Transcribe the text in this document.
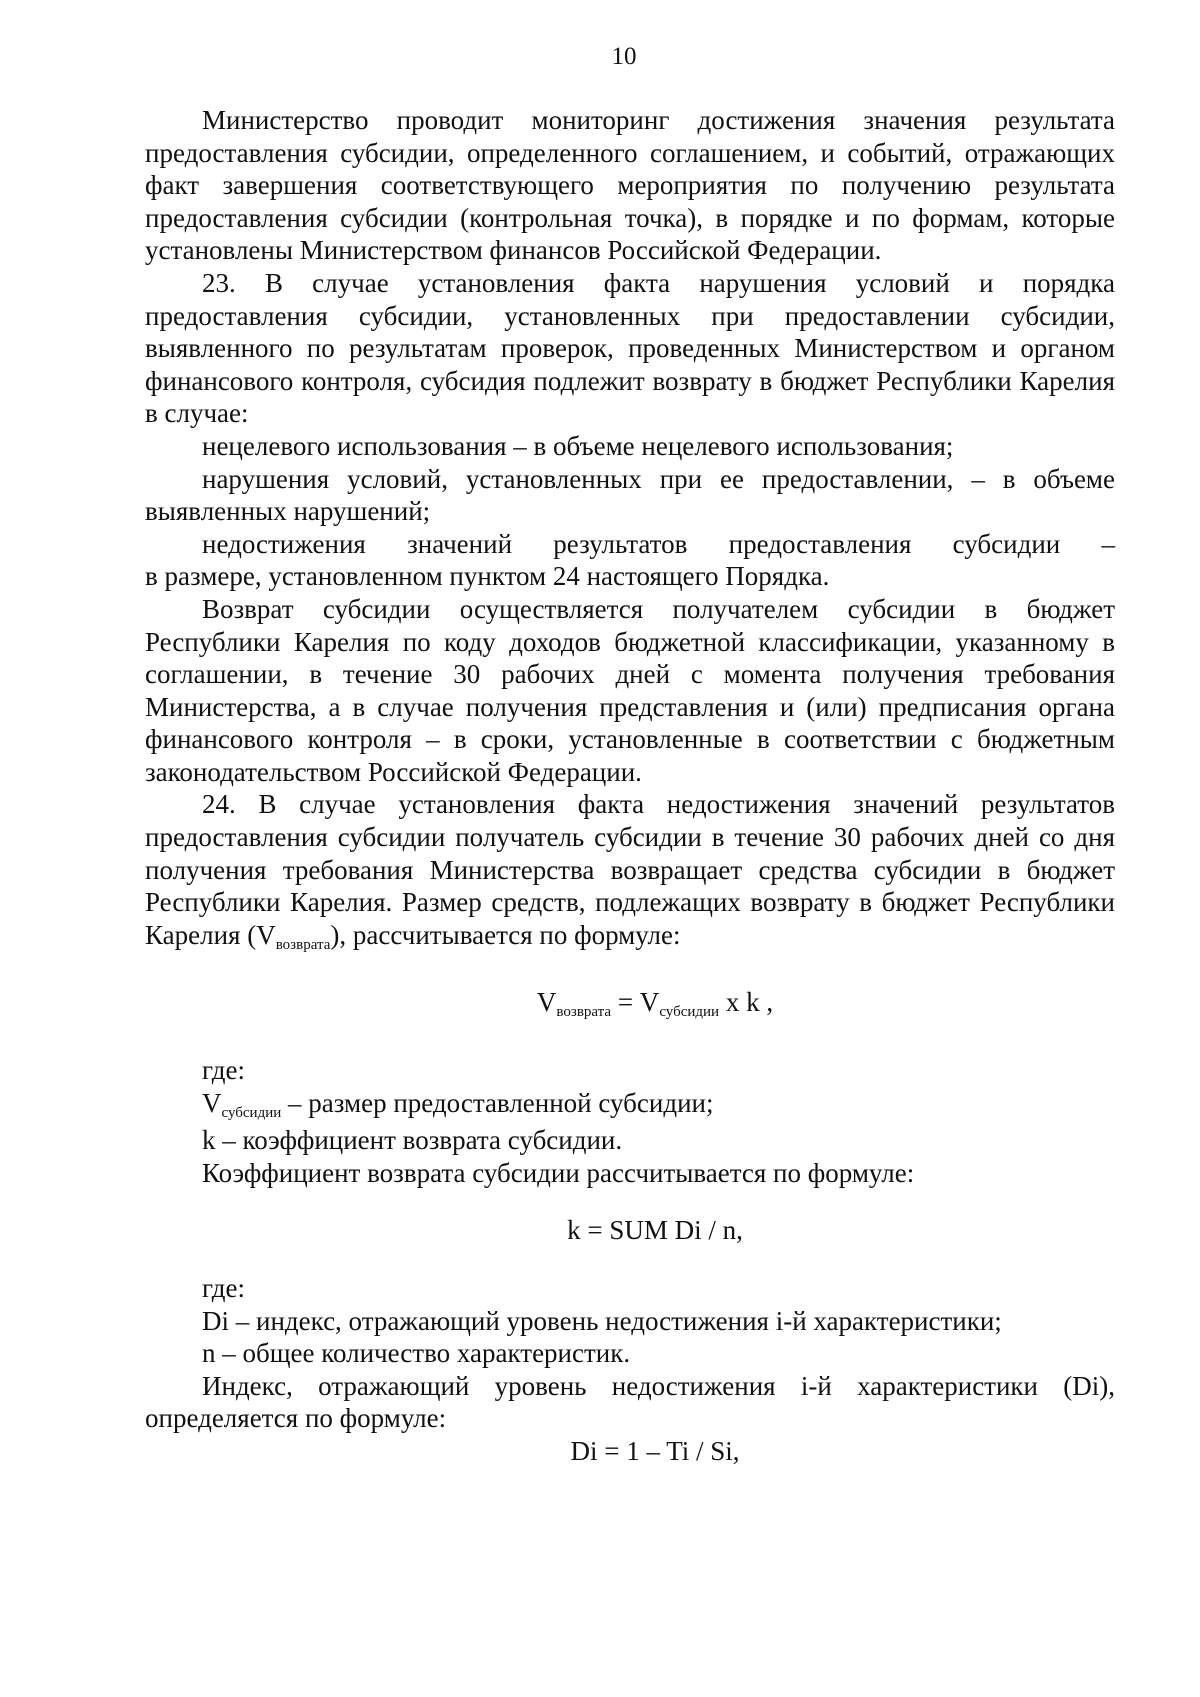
10

Министерство проводит мониторинг достижения значения результата предоставления субсидии, определенного соглашением, и событий, отражающих факт завершения соответствующего мероприятия по получению результата предоставления субсидии (контрольная точка), в порядке и по формам, которые установлены Министерством финансов Российской Федерации.

23. В случае установления факта нарушения условий и порядка предоставления субсидии, установленных при предоставлении субсидии, выявленного по результатам проверок, проведенных Министерством и органом финансового контроля, субсидия подлежит возврату в бюджет Республики Карелия в случае:

нецелевого использования – в объеме нецелевого использования;

нарушения условий, установленных при ее предоставлении, – в объеме выявленных нарушений;

недостижения значений результатов предоставления субсидии –

в размере, установленном пунктом 24 настоящего Порядка.

Возврат субсидии осуществляется получателем субсидии в бюджет Республики Карелия по коду доходов бюджетной классификации, указанному в соглашении, в течение 30 рабочих дней с момента получения требования Министерства, а в случае получения представления и (или) предписания органа финансового контроля – в сроки, установленные в соответствии с бюджетным законодательством Российской Федерации.

24. В случае установления факта недостижения значений результатов предоставления субсидии получатель субсидии в течение 30 рабочих дней со дня получения требования Министерства возвращает средства субсидии в бюджет Республики Карелия. Размер средств, подлежащих возврату в бюджет Республики Карелия $(V_{возврата})$, рассчитывается по формуле:

$V_{возврата} = V_{субсидии}$ x k ,

где:

$V_{субсидии}$ – размер предоставленной субсидии;

k – коэффициент возврата субсидии.

Коэффициент возврата субсидии рассчитывается по формуле:

k = SUM Di / n,

где:

Di – индекс, отражающий уровень недостижения i-й характеристики;

n – общее количество характеристик.

Индекс, отражающий уровень недостижения i-й характеристики (Di), определяется по формуле:

Di = 1 – Ti / Si,
